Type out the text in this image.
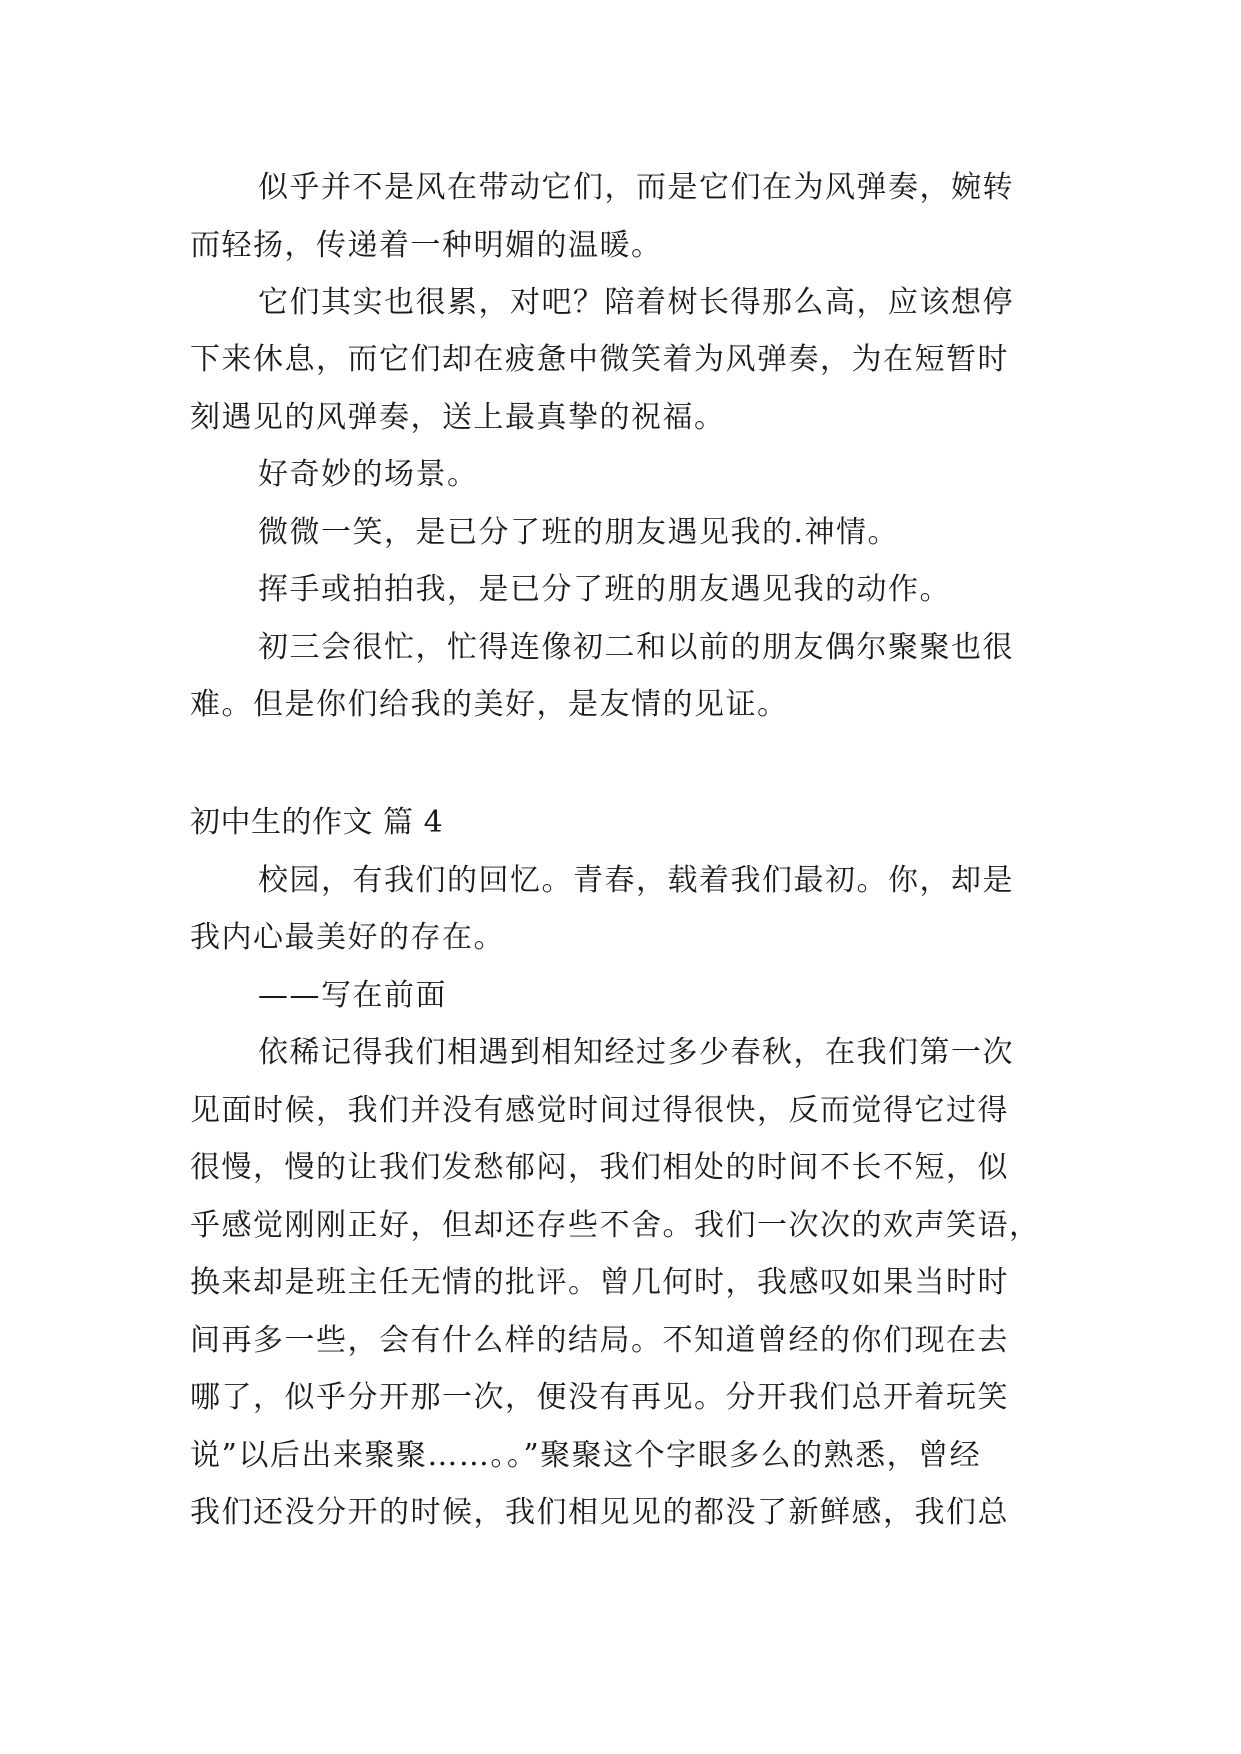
似乎并不是风在带动它们，而是它们在为风弹奏，婉转
而轻扬，传递着一种明媚的温暖。
它们其实也很累，对吧？陪着树长得那么高，应该想停
下来休息，而它们却在疲惫中微笑着为风弹奏，为在短暂时
刻遇见的风弹奏，送上最真挚的祝福。
好奇妙的场景。
微微一笑，是已分了班的朋友遇见我的.神情。
挥手或拍拍我，是已分了班的朋友遇见我的动作。
初三会很忙，忙得连像初二和以前的朋友偶尔聚聚也很
难。但是你们给我的美好，是友情的见证。
初中生的作文 篇 4
校园，有我们的回忆。青春，载着我们最初。你，却是
我内心最美好的存在。
——写在前面
依稀记得我们相遇到相知经过多少春秋，在我们第一次
见面时候，我们并没有感觉时间过得很快，反而觉得它过得
很慢，慢的让我们发愁郁闷，我们相处的时间不长不短，似
乎感觉刚刚正好，但却还存些不舍。我们一次次的欢声笑语，
换来却是班主任无情的批评。曾几何时，我感叹如果当时时
间再多一些，会有什么样的结局。不知道曾经的你们现在去
哪了，似乎分开那一次，便没有再见。分开我们总开着玩笑
说”以后出来聚聚……。。”聚聚这个字眼多么的熟悉，曾经
我们还没分开的时候，我们相见见的都没了新鲜感，我们总
